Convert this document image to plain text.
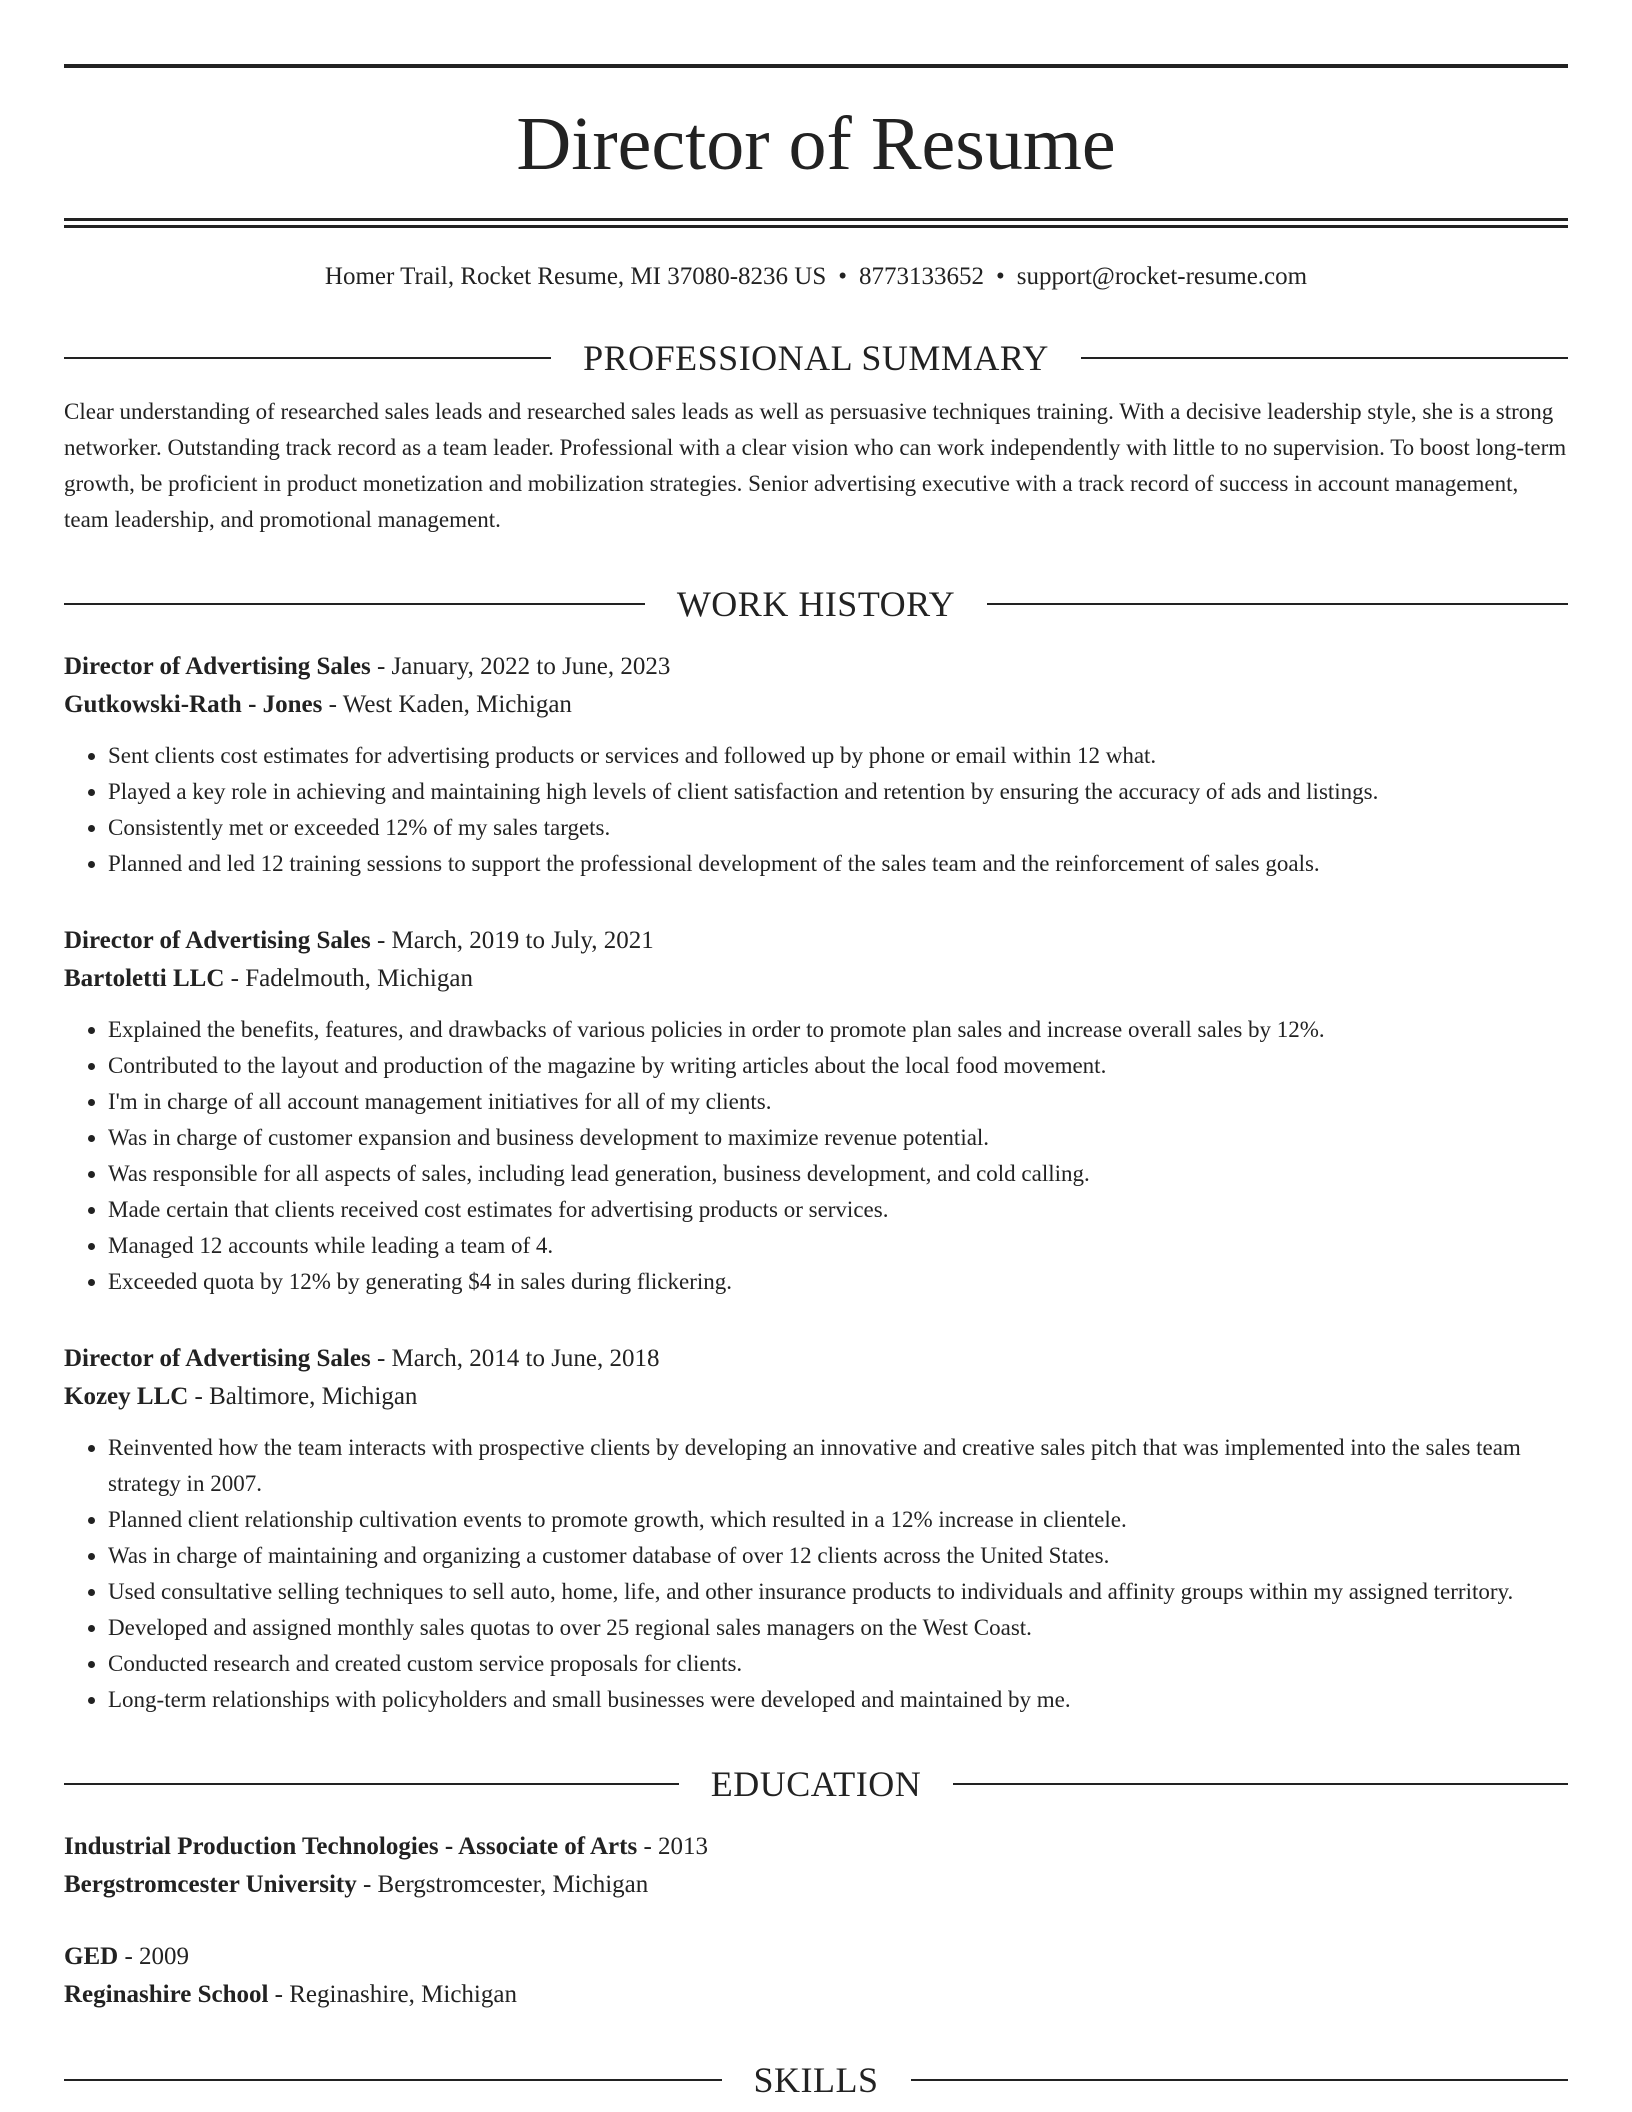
Director of Resume
Homer Trail, Rocket Resume, MI 37080-8236 US • 8773133652 • support@rocket-resume.com
PROFESSIONAL SUMMARY

Clear understanding of researched sales leads and researched sales leads as well as persuasive techniques training. With a decisive leadership style, she is a strong networker. Outstanding track record as a team leader. Professional with a clear vision who can work independently with little to no supervision. To boost long-term growth, be proficient in product monetization and mobilization strategies. Senior advertising executive with a track record of success in account management, team leadership, and promotional management.

WORK HISTORY
Director of Advertising Sales - January, 2022 to June, 2023
Gutkowski-Rath - Jones - West Kaden, Michigan
• Sent clients cost estimates for advertising products or services and followed up by phone or email within 12 what.
• Played a key role in achieving and maintaining high levels of client satisfaction and retention by ensuring the accuracy of ads and listings.
• Consistently met or exceeded 12% of my sales targets.
• Planned and led 12 training sessions to support the professional development of the sales team and the reinforcement of sales goals.
Director of Advertising Sales - March, 2019 to July, 2021
Bartoletti LLC - Fadelmouth, Michigan
• Explained the benefits, features, and drawbacks of various policies in order to promote plan sales and increase overall sales by 12%.
• Contributed to the layout and production of the magazine by writing articles about the local food movement.
• I'm in charge of all account management initiatives for all of my clients.
• Was in charge of customer expansion and business development to maximize revenue potential.
• Was responsible for all aspects of sales, including lead generation, business development, and cold calling.
• Made certain that clients received cost estimates for advertising products or services.
• Managed 12 accounts while leading a team of 4.
• Exceeded quota by 12% by generating $4 in sales during flickering.
Director of Advertising Sales - March, 2014 to June, 2018
Kozey LLC - Baltimore, Michigan
• Reinvented how the team interacts with prospective clients by developing an innovative and creative sales pitch that was implemented into the sales team strategy in 2007.
• Planned client relationship cultivation events to promote growth, which resulted in a 12% increase in clientele.
• Was in charge of maintaining and organizing a customer database of over 12 clients across the United States.
• Used consultative selling techniques to sell auto, home, life, and other insurance products to individuals and affinity groups within my assigned territory.
• Developed and assigned monthly sales quotas to over 25 regional sales managers on the West Coast.
• Conducted research and created custom service proposals for clients.
• Long-term relationships with policyholders and small businesses were developed and maintained by me.
EDUCATION
Industrial Production Technologies - Associate of Arts - 2013
Bergstromcester University - Bergstromcester, Michigan
GED - 2009
Reginashire School - Reginashire, Michigan
SKILLS
